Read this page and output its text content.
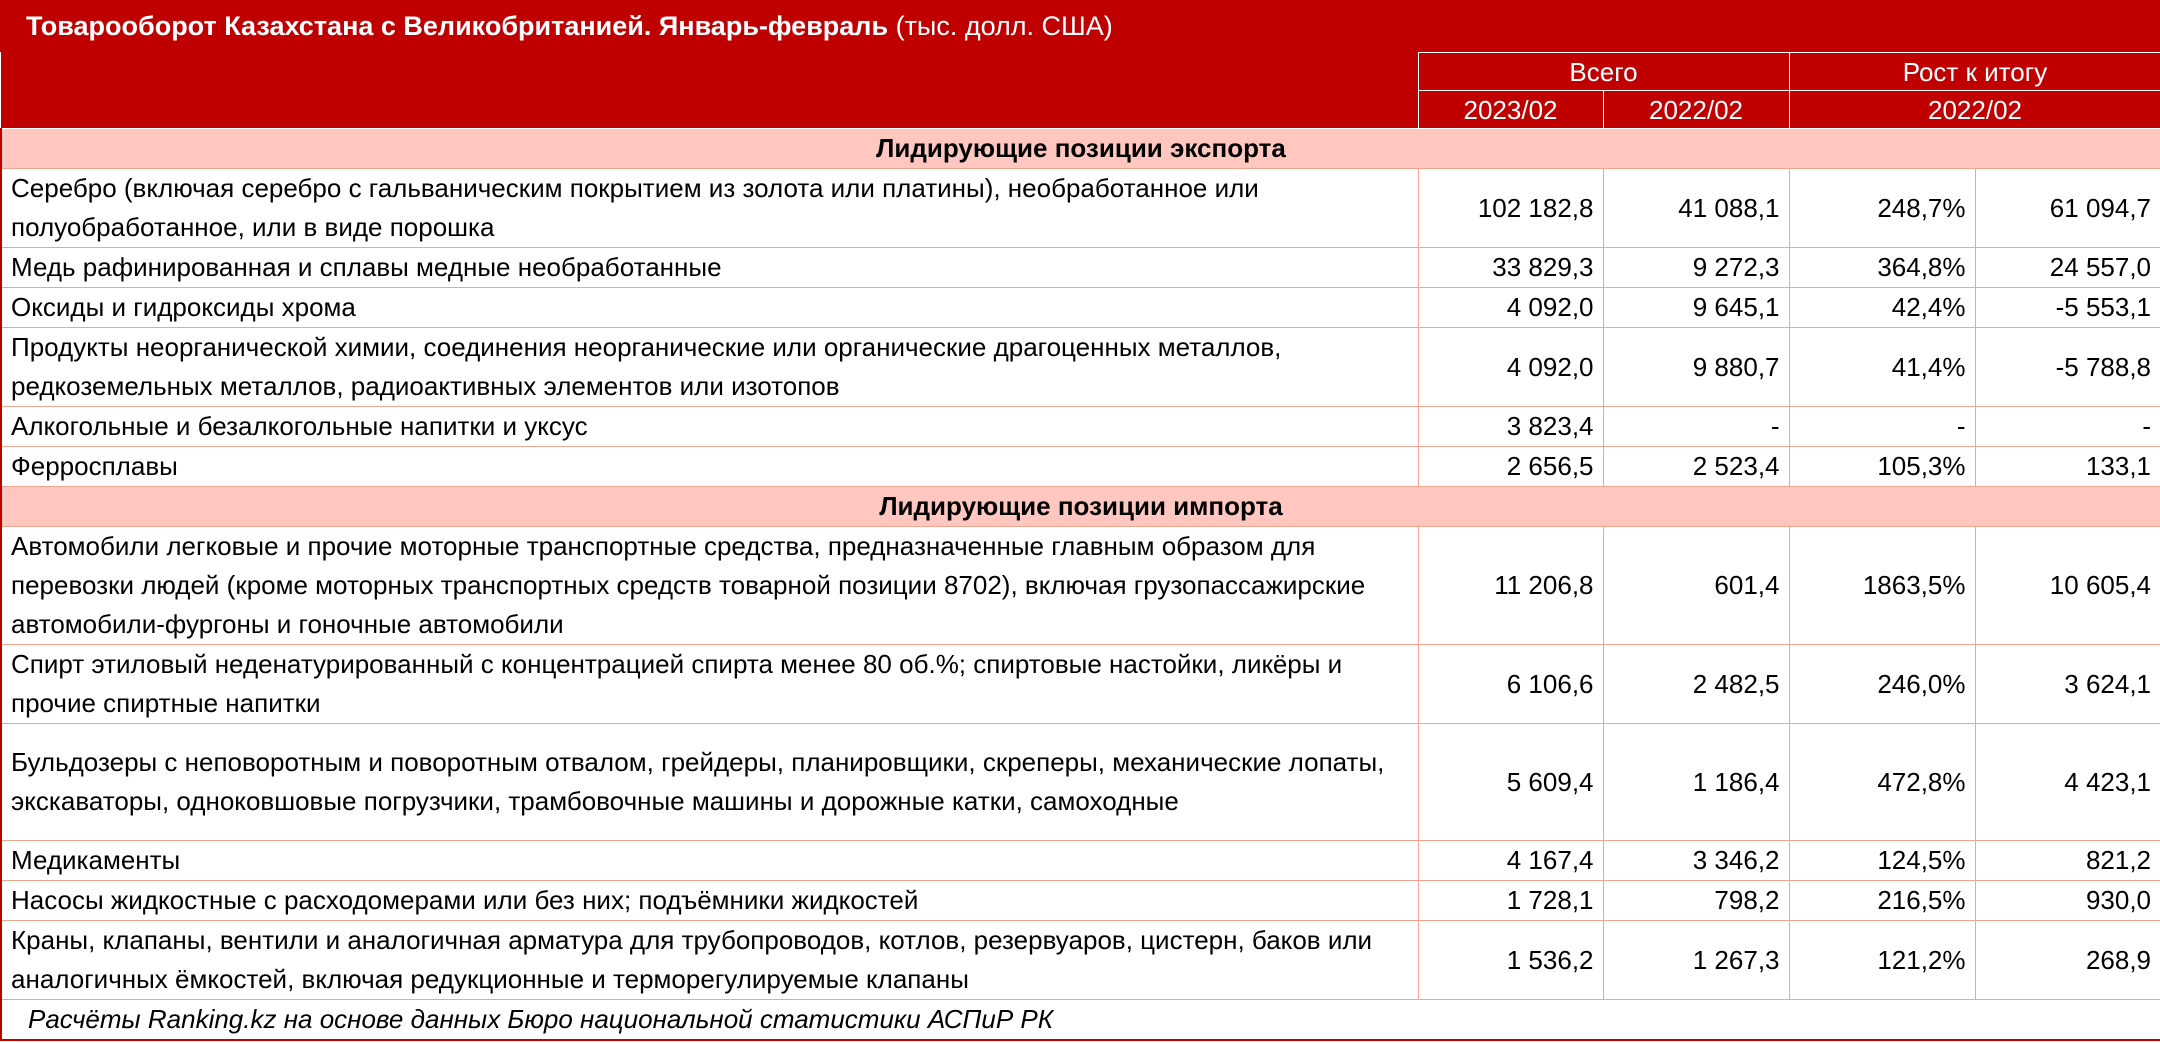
Товарооборот Казахстана с Великобританией. Январь-февраль (тыс. долл. США)
	Всего		Рост к итогу	
	2023/02	2022/02	2022/02	
Лидирующие позиции экспорта				
Серебро (включая серебро с гальваническим покрытием из золота или платины), необработанное или полуобработанное, или в виде порошка	102 182,8	41 088,1	248,7%	61 094,7
Медь рафинированная и сплавы медные необработанные	33 829,3	9 272,3	364,8%	24 557,0
Оксиды и гидроксиды хрома	4 092,0	9 645,1	42,4%	-5 553,1
Продукты неорганической химии, соединения неорганические или органические драгоценных металлов, редкоземельных металлов, радиоактивных элементов или изотопов	4 092,0	9 880,7	41,4%	-5 788,8
Алкогольные и безалкогольные напитки и уксус	3 823,4	-	-	-
Ферросплавы	2 656,5	2 523,4	105,3%	133,1
Лидирующие позиции импорта				
Автомобили легковые и прочие моторные транспортные средства, предназначенные главным образом для перевозки людей (кроме моторных транспортных средств товарной позиции 8702), включая грузопассажирские автомобили-фургоны и гоночные автомобили	11 206,8	601,4	1863,5%	10 605,4
Спирт этиловый неденатурированный с концентрацией спирта менее 80 об.%; спиртовые настойки, ликёры и прочие спиртные напитки	6 106,6	2 482,5	246,0%	3 624,1
Бульдозеры с неповоротным и поворотным отвалом, грейдеры, планировщики, скреперы, механические лопаты, экскаваторы, одноковшовые погрузчики, трамбовочные машины и дорожные катки, самоходные	5 609,4	1 186,4	472,8%	4 423,1
Медикаменты	4 167,4	3 346,2	124,5%	821,2
Насосы жидкостные с расходомерами или без них; подъёмники жидкостей	1 728,1	798,2	216,5%	930,0
Краны, клапаны, вентили и аналогичная арматура для трубопроводов, котлов, резервуаров, цистерн, баков или аналогичных ёмкостей, включая редукционные и терморегулируемые клапаны	1 536,2	1 267,3	121,2%	268,9
Расчёты Ranking.kz на основе данных Бюро национальной статистики АСПиР РК				
